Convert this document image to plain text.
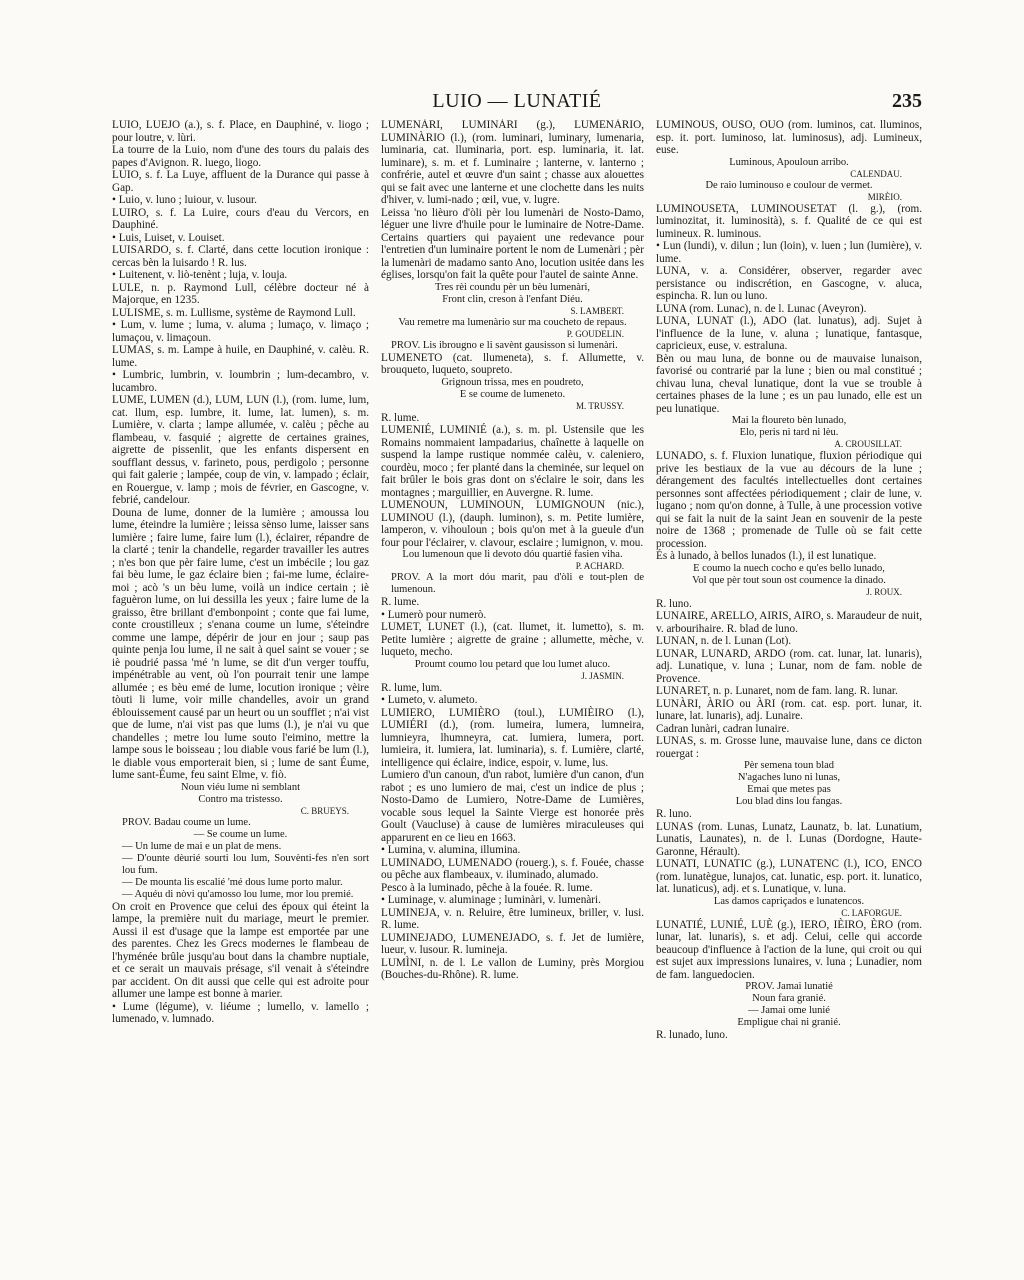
LUIO — LUNATIÉ	235

LUIO, LUEJO (a.), s. f. Place, en Dauphiné, v. liogo ; pour loutre, v. lùri.

La tourre de la Luio, nom d'une des tours du palais des papes d'Avignon. R. luego, liogo.

LUIO, s. f. La Luye, affluent de la Durance qui passe à Gap.

• Luio, v. luno ; luiour, v. lusour.

LUIRO, s. f. La Luire, cours d'eau du Vercors, en Dauphiné.

• Luis, Luiset, v. Louiset.

LUISARDO, s. f. Clarté, dans cette locution ironique : cercas bèn la luisardo ! R. lus.

• Luitenent, v. liò-tenènt ; luja, v. louja.

LULE, n. p. Raymond Lull, célèbre docteur né à Majorque, en 1235.

LULISME, s. m. Lullisme, système de Raymond Lull.

• Lum, v. lume ; luma, v. aluma ; lumaço, v. limaço ; lumaçou, v. limaçoun.

LUMAS, s. m. Lampe à huile, en Dauphiné, v. calèu. R. lume.

• Lumbric, lumbrin, v. loumbrin ; lum-decambro, v. lucambro.

LUME, LUMEN (d.), LUM, LUN (l.), (rom. lume, lum, cat. llum, esp. lumbre, it. lume, lat. lumen), s. m. Lumière, v. clarta ; lampe allumée, v. calèu ; pêche au flambeau, v. fasquié ; aigrette de certaines graines, aigrette de pissenlit, que les enfants dispersent en soufflant dessus, v. farineto, pous, perdigolo ; personne qui fait galerie ; lampée, coup de vin, v. lampado ; éclair, en Rouergue, v. lamp ; mois de février, en Gascogne, v. febrié, candelour.

Douna de lume, donner de la lumière ; amoussa lou lume, éteindre la lumière ; leissa sènso lume, laisser sans lumière ; faire lume, faire lum (l.), éclairer, répandre de la clarté ; tenir la chandelle, regarder travailler les autres ; n'es bon que pèr faire lume, c'est un imbécile ; lou gaz fai bèu lume, le gaz éclaire bien ; fai-me lume, éclaire-moi ; acò 's un bèu lume, voilà un indice certain ; iè faguèron lume, on lui dessilla les yeux ; faire lume de la graisso, être brillant d'embonpoint ; conte que fai lume, conte croustilleux ; s'enana coume un lume, s'éteindre comme une lampe, dépérir de jour en jour ; saup pas quinte penja lou lume, il ne sait à quel saint se vouer ; se iè poudrié passa 'mé 'n lume, se dit d'un verger touffu, impénétrable au vent, où l'on pourrait tenir une lampe allumée ; es bèu emé de lume, locution ironique ; vèire tòuti li lume, voir mille chandelles, avoir un grand éblouissement causé par un heurt ou un soufflet ; n'ai vist que de lume, n'ai vist pas que lums (l.), je n'ai vu que chandelles ; metre lou lume souto l'eimino, mettre la lampe sous le boisseau ; lou diable vous farié be lum (l.), le diable vous emporterait bien, si ; lume de sant Éume, lume sant-Éume, feu saint Elme, v. fiò.

Noun viéu lume ni semblant

Contro ma tristesso.

C. BRUEYS.

PROV. Badau coume un lume.

— Se coume un lume.

— Un lume de mai e un plat de mens.

— D'ounte dèurié sourti lou lum, Souvènti-fes n'en sort lou fum.

— De mounta lis escalié 'mé dous lume porto malur.

— Aquéu di nòvi qu'amosso lou lume, mor lou premié.

On croit en Provence que celui des époux qui éteint la lampe, la première nuit du mariage, meurt le premier. Aussi il est d'usage que la lampe est emportée par une des parentes. Chez les Grecs modernes le flambeau de l'hyménée brûle jusqu'au bout dans la chambre nuptiale, et ce serait un mauvais présage, s'il venait à s'éteindre par accident. On dit aussi que celle qui est adroite pour allumer une lampe est bonne à marier.

• Lume (légume), v. liéume ; lumello, v. lamello ; lumenado, v. lumnado.

LUMENÀRI, LUMINÀRI (g.), LUMENÀRIO, LUMINÀRIO (l.), (rom. luminari, luminary, lumenaria, luminaria, cat. lluminaria, port. esp. luminaria, it. lat. luminare), s. m. et f. Luminaire ; lanterne, v. lanterno ; confrérie, autel et œuvre d'un saint ; chasse aux alouettes qui se fait avec une lanterne et une clochette dans les nuits d'hiver, v. lumi-nado ; œil, vue, v. lugre.

Leissa 'no lièuro d'òli pèr lou lumenàri de Nosto-Damo, léguer une livre d'huile pour le luminaire de Notre-Dame. Certains quartiers qui payaient une redevance pour l'entretien d'un luminaire portent le nom de Lumenàri ; pèr la lumenàri de madamo santo Ano, locution usitée dans les églises, lorsqu'on fait la quête pour l'autel de sainte Anne.

Tres rèi coundu pèr un bèu lumenàri,

Front clin, creson à l'enfant Diéu.

S. LAMBERT.

Vau remetre ma lumenàrio sur ma coucheto de repaus.

P. GOUDELIN.

PROV. Lis ibrougno e li savènt gausisson si lumenàri.

LUMENETO (cat. llumeneta), s. f. Allumette, v. brouqueto, luqueto, soupreto.

Grignoun trissa, mes en poudreto,

E se coume de lumeneto.

M. TRUSSY.

R. lume.

LUMENIÉ, LUMINIÉ (a.), s. m. pl. Ustensile que les Romains nommaient lampadarius, chaînette à laquelle on suspend la lampe rustique nommée calèu, v. caleniero, courdèu, moco ; fer planté dans la cheminée, sur lequel on fait brûler le bois gras dont on s'éclaire le soir, dans les montagnes ; marguillier, en Auvergne. R. lume.

LUMENOUN, LUMINOUN, LUMIGNOUN (nic.), LUMINOU (l.), (dauph. luminon), s. m. Petite lumière, lamperon, v. vihouloun ; bois qu'on met à la gueule d'un four pour l'éclairer, v. clavour, esclaire ; lumignon, v. mou.

Lou lumenoun que li devoto dóu quartié fasien viha.

P. ACHARD.

PROV. A la mort dóu marit, pau d'òli e tout-plen de lumenoun.

R. lume.

• Lumerò pour numerò.

LUMET, LUNET (l.), (cat. llumet, it. lumetto), s. m. Petite lumière ; aigrette de graine ; allumette, mèche, v. luqueto, mecho.

Proumt coumo lou petard que lou lumet aluco.

J. JASMIN.

R. lume, lum.

• Lumeto, v. alumeto.

LUMIERO, LUMIÈRO (toul.), LUMIÈIRO (l.), LUMIÉRI (d.), (rom. lumeira, lumera, lumneira, lumnieyra, lhumneyra, cat. lumiera, lumera, port. lumieira, it. lumiera, lat. luminaria), s. f. Lumière, clarté, intelligence qui éclaire, indice, espoir, v. lume, lus.

Lumiero d'un canoun, d'un rabot, lumière d'un canon, d'un rabot ; es uno lumiero de mai, c'est un indice de plus ; Nosto-Damo de Lumiero, Notre-Dame de Lumières, vocable sous lequel la Sainte Vierge est honorée près Goult (Vaucluse) à cause de lumières miraculeuses qui apparurent en ce lieu en 1663.

• Lumina, v. alumina, illumina.

LUMINADO, LUMENADO (rouerg.), s. f. Fouée, chasse ou pêche aux flambeaux, v. iluminado, alumado.

Pesco à la luminado, pêche à la fouée. R. lume.

• Luminage, v. aluminage ; luminàri, v. lumenàri.

LUMINEJA, v. n. Reluire, être lumineux, briller, v. lusi. R. lume.

LUMINEJADO, LUMENEJADO, s. f. Jet de lumière, lueur, v. lusour. R. lumineja.

LUMÌNI, n. de l. Le vallon de Luminy, près Morgiou (Bouches-du-Rhône). R. lume.

LUMINOUS, OUSO, OUO (rom. luminos, cat. lluminos, esp. it. port. luminoso, lat. luminosus), adj. Lumineux, euse.

Luminous, Apouloun arribo.

CALENDAU.

De raio luminouso e coulour de vermet.

MIRÈIO.

LUMINOUSETA, LUMINOUSETAT (l. g.), (rom. luminozitat, it. luminosità), s. f. Qualité de ce qui est lumineux. R. luminous.

• Lun (lundi), v. dilun ; lun (loin), v. luen ; lun (lumière), v. lume.

LUNA, v. a. Considérer, observer, regarder avec persistance ou indiscrétion, en Gascogne, v. aluca, espincha. R. lun ou luno.

LUNA (rom. Lunac), n. de l. Lunac (Aveyron).

LUNA, LUNAT (l.), ADO (lat. lunatus), adj. Sujet à l'influence de la lune, v. aluna ; lunatique, fantasque, capricieux, euse, v. estraluna.

Bèn ou mau luna, de bonne ou de mauvaise lunaison, favorisé ou contrarié par la lune ; bien ou mal constitué ; chivau luna, cheval lunatique, dont la vue se trouble à certaines phases de la lune ; es un pau lunado, elle est un peu lunatique.

Mai la floureto bèn lunado,

Elo, peris ni tard ni lèu.

A. CROUSILLAT.

LUNADO, s. f. Fluxion lunatique, fluxion périodique qui prive les bestiaux de la vue au décours de la lune ; dérangement des facultés intellectuelles dont certaines personnes sont affectées périodiquement ; clair de lune, v. lugano ; nom qu'on donne, à Tulle, à une procession votive qui se fait la nuit de la saint Jean en souvenir de la peste noire de 1368 ; promenade de Tulle où se fait cette procession.

És à lunado, à bellos lunados (l.), il est lunatique.

E coumo la nuech cocho e qu'es bello lunado,

Vol que pèr tout soun ost coumence la dinado.

J. ROUX.

R. luno.

LUNAIRE, ARELLO, AIRIS, AIRO, s. Maraudeur de nuit, v. arbourihaire. R. blad de luno.

LUNAN, n. de l. Lunan (Lot).

LUNAR, LUNARD, ARDO (rom. cat. lunar, lat. lunaris), adj. Lunatique, v. luna ; Lunar, nom de fam. noble de Provence.

LUNARET, n. p. Lunaret, nom de fam. lang. R. lunar.

LUNÀRI, ÀRIO ou ÀRI (rom. cat. esp. port. lunar, it. lunare, lat. lunaris), adj. Lunaire.

Cadran lunàri, cadran lunaire.

LUNAS, s. m. Grosse lune, mauvaise lune, dans ce dicton rouergat :

Pèr semena toun blad

N'agaches luno ni lunas,

Emai que metes pas

Lou blad dins lou fangas.

R. luno.

LUNAS (rom. Lunas, Lunatz, Launatz, b. lat. Lunatium, Lunatis, Launates), n. de l. Lunas (Dordogne, Haute-Garonne, Hérault).

LUNATI, LUNATIC (g.), LUNATENC (l.), ICO, ENCO (rom. lunatègue, lunajos, cat. lunatic, esp. port. it. lunatico, lat. lunaticus), adj. et s. Lunatique, v. luna.

Las damos capriçados e lunatencos.

C. LAFORGUE.

LUNATIÉ, LUNIÉ, LUÈ (g.), IERO, IÈIRO, ÈRO (rom. lunar, lat. lunaris), s. et adj. Celui, celle qui accorde beaucoup d'influence à l'action de la lune, qui croit ou qui est sujet aux impressions lunaires, v. luna ; Lunadier, nom de fam. languedocien.

PROV. Jamai lunatié

Noun fara granié.

— Jamai ome lunié

Empligue chai ni granié.

R. lunado, luno.
